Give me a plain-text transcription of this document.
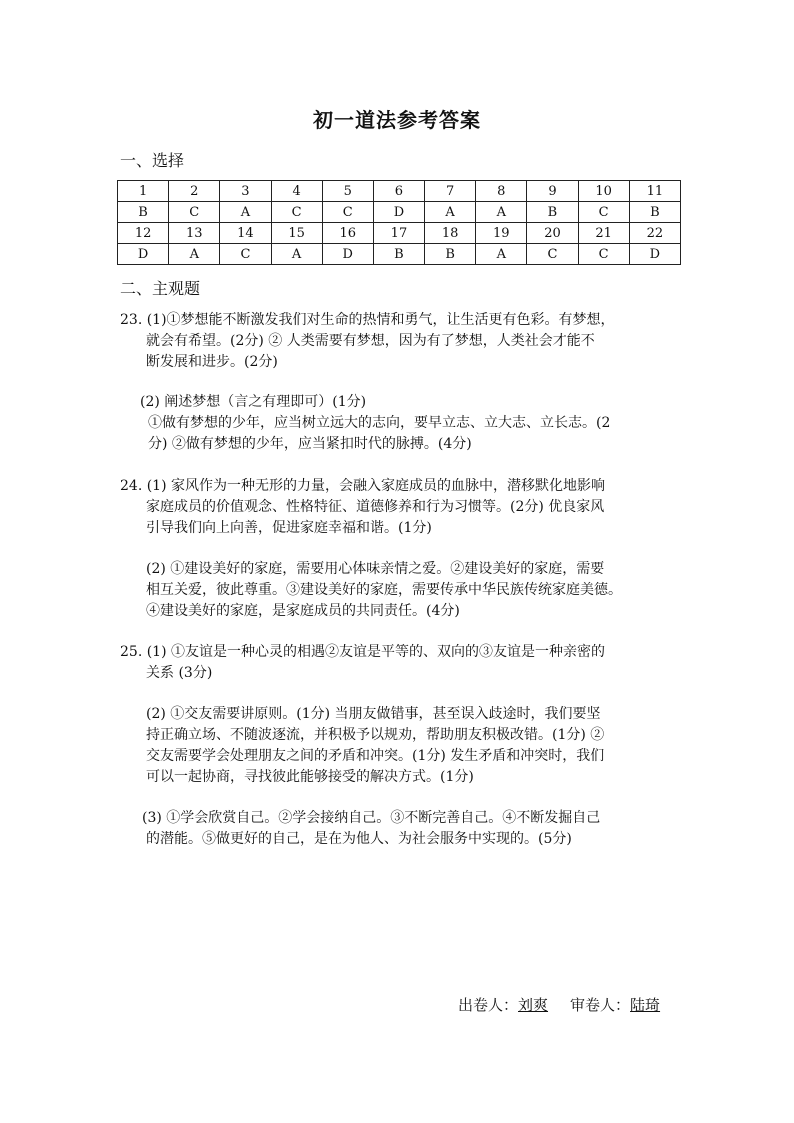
初一道法参考答案
一、选择
1	2	3	4	5	6	7	8	9	10	11
B	C	A	C	C	D	A	A	B	C	B
12	13	14	15	16	17	18	19	20	21	22
D	A	C	A	D	B	B	A	C	C	D
二、主观题
23. (1)①梦想能不断激发我们对生命的热情和勇气，让生活更有色彩。有梦想，
就会有希望。(2分) ② 人类需要有梦想，因为有了梦想，人类社会才能不
断发展和进步。(2分)
(2) 阐述梦想（言之有理即可）(1分)
①做有梦想的少年，应当树立远大的志向，要早立志、立大志、立长志。(2
分) ②做有梦想的少年，应当紧扣时代的脉搏。(4分)
24. (1) 家风作为一种无形的力量，会融入家庭成员的血脉中，潜移默化地影响
家庭成员的价值观念、性格特征、道德修养和行为习惯等。(2分) 优良家风
引导我们向上向善，促进家庭幸福和谐。(1分)
(2) ①建设美好的家庭，需要用心体味亲情之爱。②建设美好的家庭，需要
相互关爱，彼此尊重。③建设美好的家庭，需要传承中华民族传统家庭美德。
④建设美好的家庭，是家庭成员的共同责任。(4分)
25. (1) ①友谊是一种心灵的相遇②友谊是平等的、双向的③友谊是一种亲密的
关系 (3分)
(2) ①交友需要讲原则。(1分) 当朋友做错事，甚至误入歧途时，我们要坚
持正确立场、不随波逐流，并积极予以规劝，帮助朋友积极改错。(1分) ②
交友需要学会处理朋友之间的矛盾和冲突。(1分) 发生矛盾和冲突时，我们
可以一起协商，寻找彼此能够接受的解决方式。(1分)
(3) ①学会欣赏自己。②学会接纳自己。③不断完善自己。④不断发掘自己
的潜能。⑤做更好的自己，是在为他人、为社会服务中实现的。(5分)
出卷人：刘爽 审卷人：陆琦
